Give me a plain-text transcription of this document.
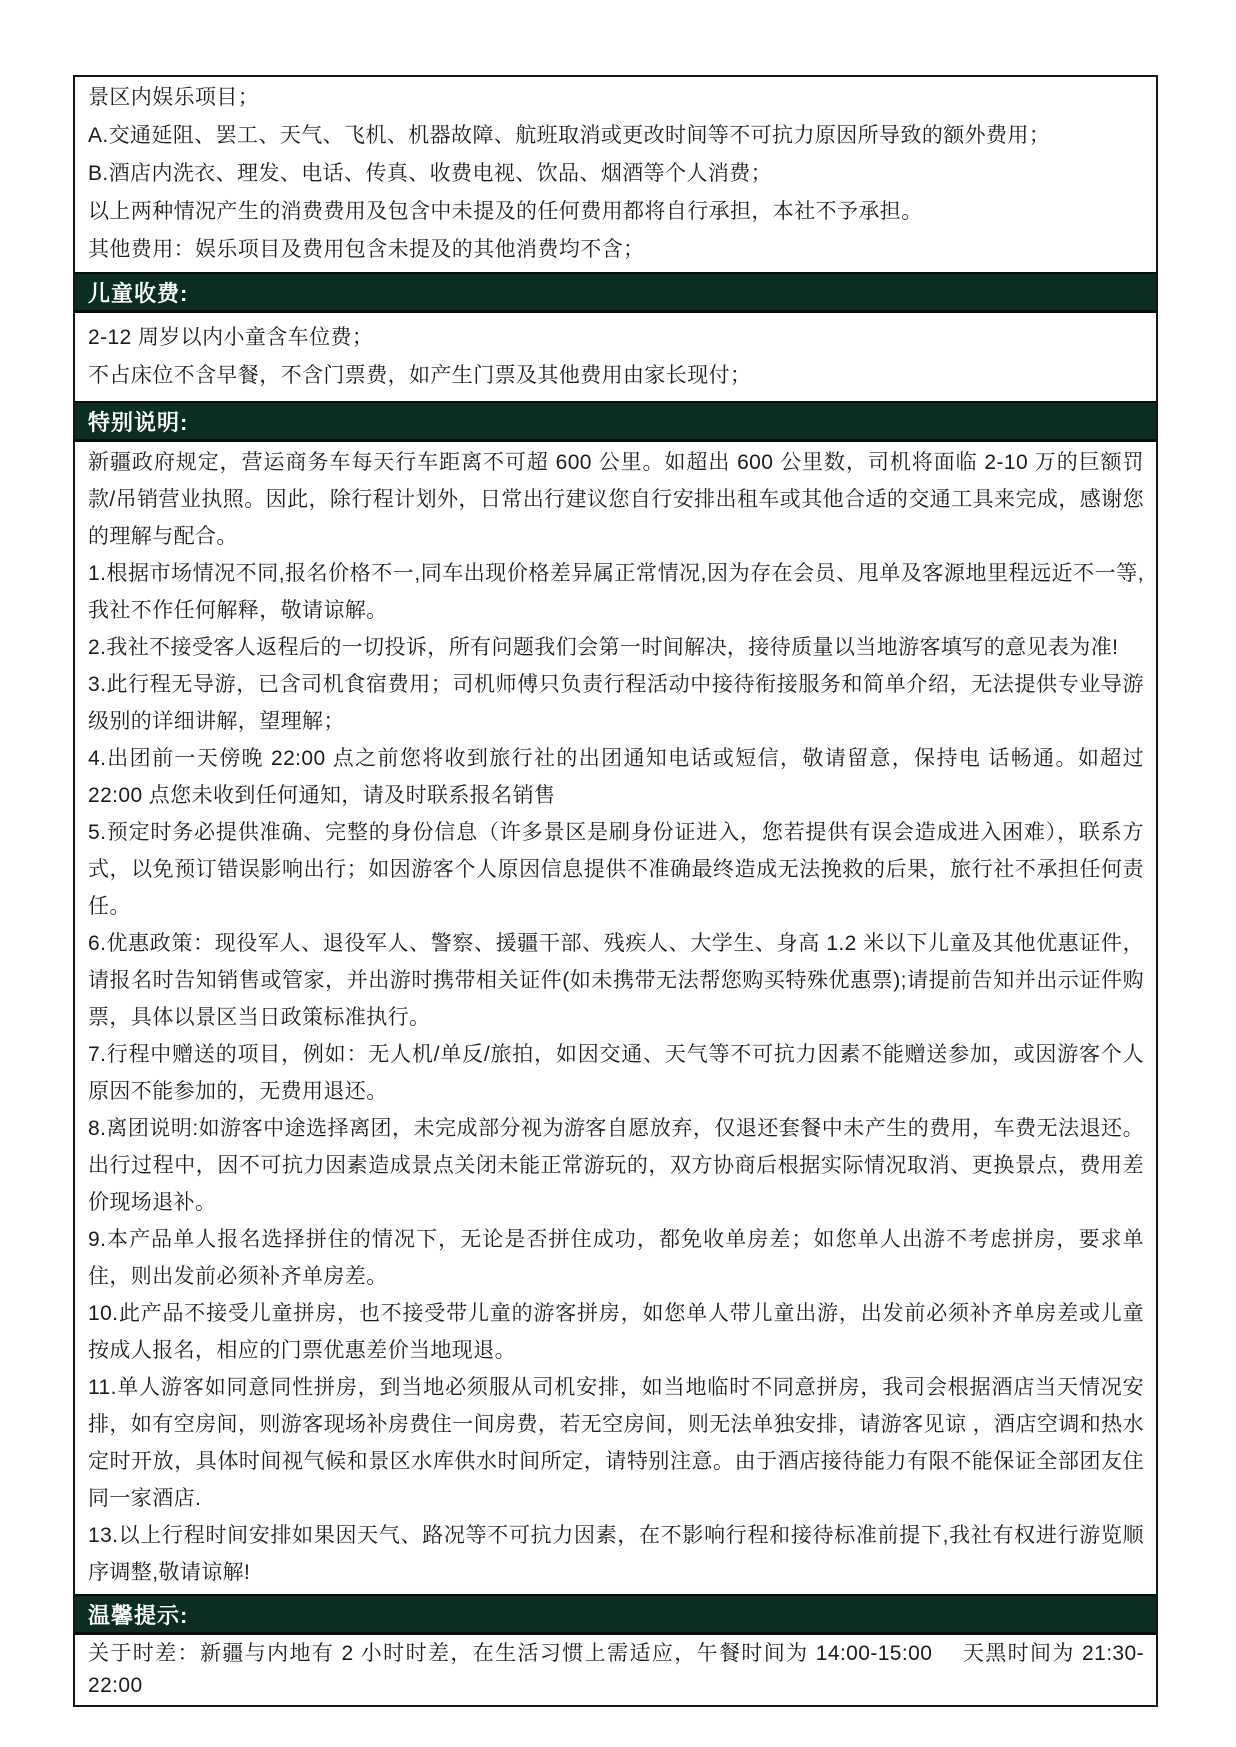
景区内娱乐项目；

A.交通延阻、罢工、天气、飞机、机器故障、航班取消或更改时间等不可抗力原因所导致的额外费用；

B.酒店内洗衣、理发、电话、传真、收费电视、饮品、烟酒等个人消费；

以上两种情况产生的消费费用及包含中未提及的任何费用都将自行承担，本社不予承担。

其他费用：娱乐项目及费用包含未提及的其他消费均不含；

儿童收费:

2-12 周岁以内小童含车位费；

不占床位不含早餐，不含门票费，如产生门票及其他费用由家长现付；

特别说明:

新疆政府规定，营运商务车每天行车距离不可超 600 公里。如超出 600 公里数，司机将面临 2-10 万的巨额罚款/吊销营业执照。因此，除行程计划外，日常出行建议您自行安排出租车或其他合适的交通工具来完成，感谢您的理解与配合。

1.根据市场情况不同,报名价格不一,同车出现价格差异属正常情况,因为存在会员、甩单及客源地里程远近不一等,我社不作任何解释，敬请谅解。

2.我社不接受客人返程后的一切投诉，所有问题我们会第一时间解决，接待质量以当地游客填写的意见表为准!

3.此行程无导游，已含司机食宿费用；司机师傅只负责行程活动中接待衔接服务和简单介绍，无法提供专业导游级别的详细讲解，望理解；

4.出团前一天傍晚 22:00 点之前您将收到旅行社的出团通知电话或短信，敬请留意，保持电 话畅通。如超过 22:00 点您未收到任何通知，请及时联系报名销售

5.预定时务必提供准确、完整的身份信息（许多景区是刷身份证进入，您若提供有误会造成进入困难），联系方式，以免预订错误影响出行；如因游客个人原因信息提供不准确最终造成无法挽救的后果，旅行社不承担任何责任。

6.优惠政策：现役军人、退役军人、警察、援疆干部、残疾人、大学生、身高 1.2 米以下儿童及其他优惠证件，请报名时告知销售或管家，并出游时携带相关证件(如未携带无法帮您购买特殊优惠票);请提前告知并出示证件购票，具体以景区当日政策标准执行。

7.行程中赠送的项目，例如：无人机/单反/旅拍，如因交通、天气等不可抗力因素不能赠送参加，或因游客个人原因不能参加的，无费用退还。

8.离团说明:如游客中途选择离团，未完成部分视为游客自愿放弃，仅退还套餐中未产生的费用，车费无法退还。出行过程中，因不可抗力因素造成景点关闭未能正常游玩的，双方协商后根据实际情况取消、更换景点，费用差价现场退补。

9.本产品单人报名选择拼住的情况下，无论是否拼住成功，都免收单房差；如您单人出游不考虑拼房，要求单住，则出发前必须补齐单房差。

10.此产品不接受儿童拼房，也不接受带儿童的游客拼房，如您单人带儿童出游，出发前必须补齐单房差或儿童按成人报名，相应的门票优惠差价当地现退。

11.单人游客如同意同性拼房，到当地必须服从司机安排，如当地临时不同意拼房，我司会根据酒店当天情况安排，如有空房间，则游客现场补房费住一间房费，若无空房间，则无法单独安排，请游客见谅 ，酒店空调和热水定时开放，具体时间视气候和景区水库供水时间所定，请特别注意。由于酒店接待能力有限不能保证全部团友住同一家酒店.

13.以上行程时间安排如果因天气、路况等不可抗力因素，在不影响行程和接待标准前提下,我社有权进行游览顺序调整,敬请谅解!

温馨提示:

关于时差：新疆与内地有 2 小时时差，在生活习惯上需适应，午餐时间为 14:00-15:00　 天黑时间为 21:30-22:00
